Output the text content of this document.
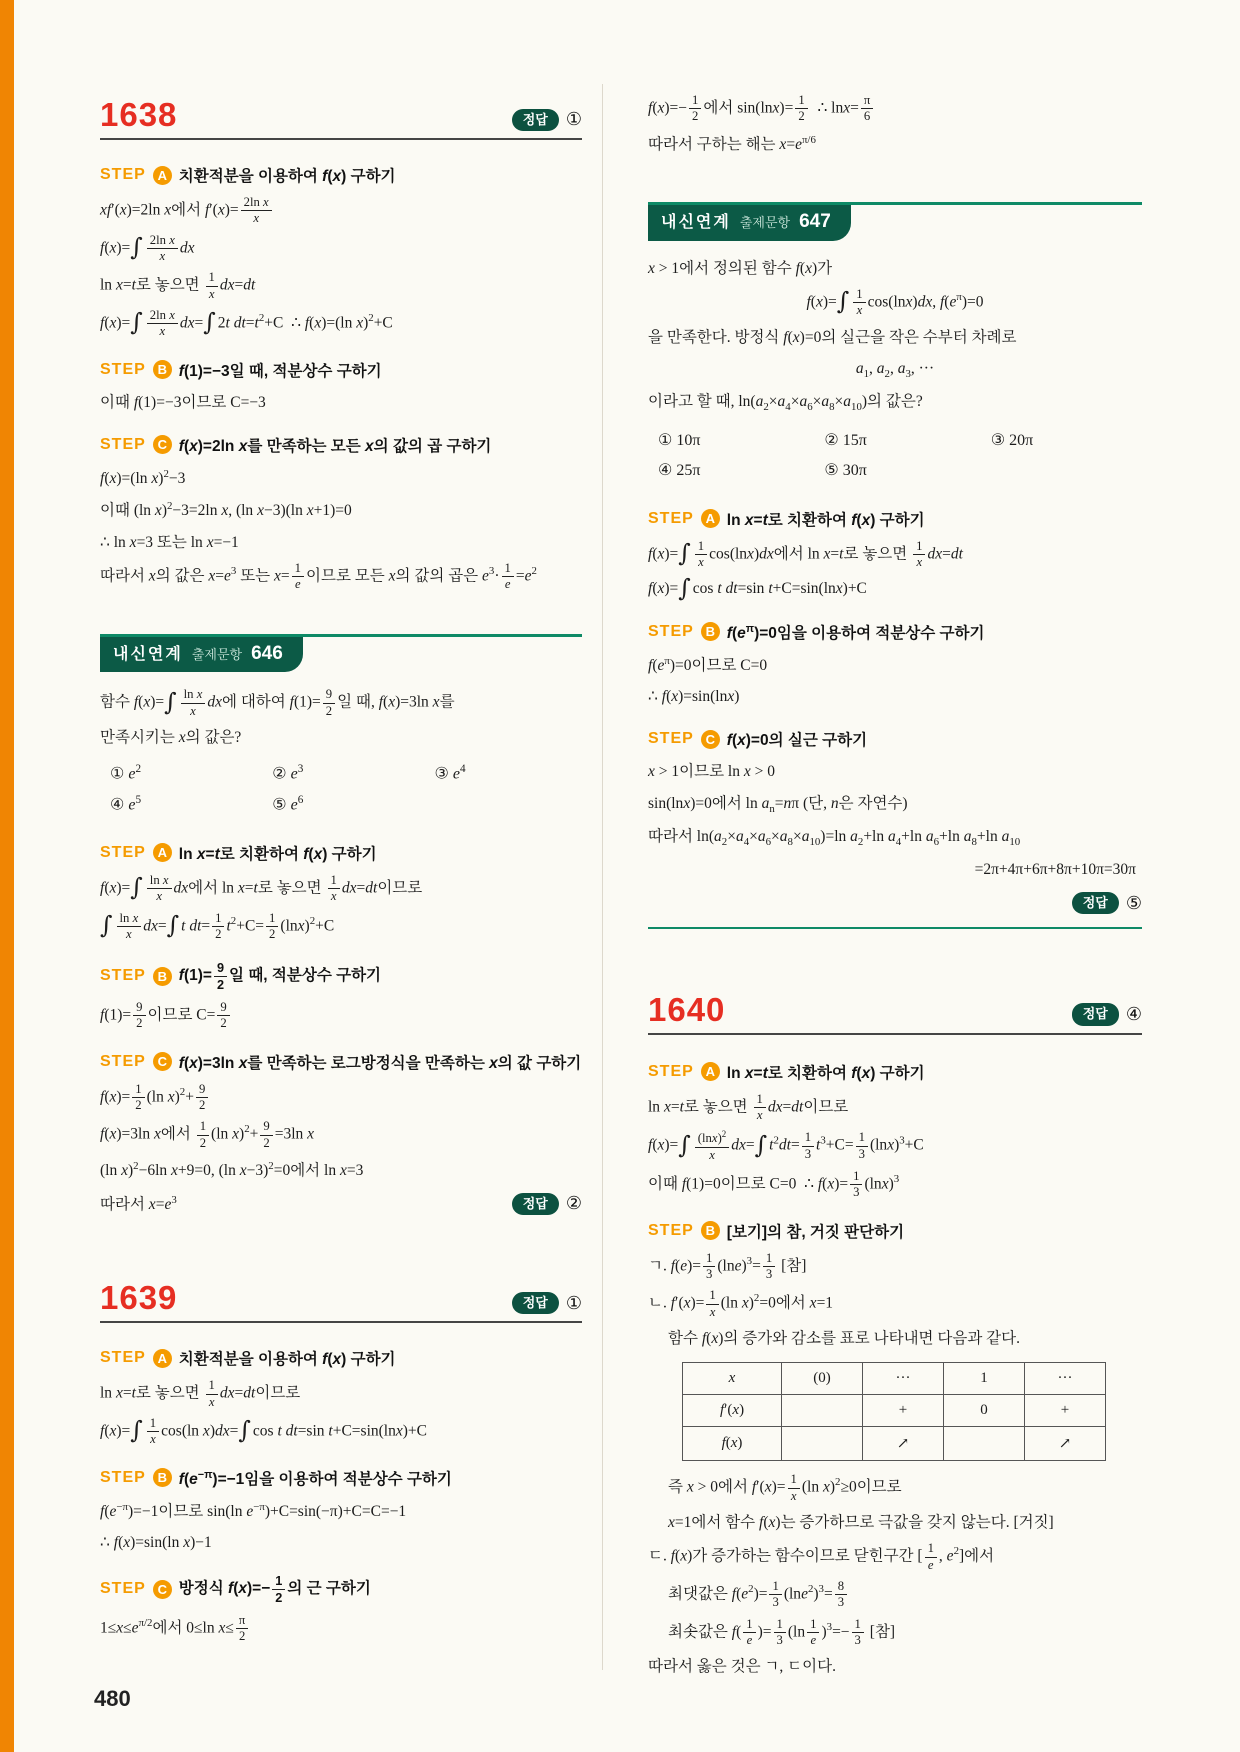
1638	정답	①
STEP A 치환적분을 이용하여 f(x) 구하기
xf′(x)=2ln x에서 $f'(x)= \frac{\text{2ln x}}{x}$
$f(x)=\int \frac{\text{2ln x}}{x}$ dx
ln x=t로 놓으면 $\frac{1}{x} dx=dt$
$f(x)=\int \frac{\text{2ln x}}{x} dx=\int$ 2t $dt=t^2+C$  ∴ f(x)=(ln x)$^2$+C
STEP B f(1)=−3일 때, 적분상수 구하기
이때 f(1)=−3이므로 C=−3
STEP C f(x)=2ln x를 만족하는 모든 x의 값의 곱 구하기
f(x)=(ln x)$^2$−3
이때 (ln x)$^2$−3=2ln x, (ln x−3)(ln x+1)=0
∴ ln x=3 또는 ln x=−1
따라서 x의 값은 $x=e^3$ 또는 $x= \frac{1}{e}$ 이므로 모든 x의 값의 곱은 $e^3\cdot \frac{1}{e} =e^2$
내신연계 출제문항 646
함수 $f(x)=\int \frac{\text{ln x}}{x}$ dx에 대하여 $f(1)= \frac{9}{2}$ 일 때, f(x)=3ln x를
만족시키는 x의 값은?
① $e^2$	② $e^3$	③ $e^4$
④ $e^5$	⑤ $e^6$
STEP A ln x=t로 치환하여 f(x) 구하기
$f(x)=\int \frac{\text{ln x}}{x}$ dx에서 ln x=t로 놓으면 $\frac{1}{x} dx=dt$이므로
∫ $\frac{\text{ln x}}{x} dx=\int$ t $dt= \frac{1}{2} t^2+C= \frac{1}{2} (\ln x)^2+C$
STEP B $f(1)= \frac{9}{2}$ 일 때, 적분상수 구하기
$f(1)= \frac{9}{2}$ 이므로 $C= \frac{9}{2}$
STEP C f(x)=3ln x를 만족하는 로그방정식을 만족하는 x의 값 구하기
$f(x)= \frac{1}{2} (\ln$ $x)^2+ \frac{9}{2}$
f(x)=3ln x에서 $\frac{1}{2} (\ln$ $x)^2+ \frac{9}{2} =3\ln$ x
(ln x)$^2$−6ln x+9=0, (ln x−3)$^2$=0에서 ln x=3
따라서 $x=e^3$	정답	②
1639	정답	①
STEP A 치환적분을 이용하여 f(x) 구하기
ln x=t로 놓으면 $\frac{1}{x} dx=dt$이므로
$f(x)=\int \frac{1}{x} \cos(\ln$ x)dx=∫ cos t dt=sin t+C=sin(lnx)+C
STEP B $f(e^{-\pi})=-1$임을 이용하여 적분상수 구하기
$f(e^{-\pi})=-1$이므로 sin(ln $e^{-\pi})+C=\sin(-\pi)+C=C=-1$
∴ f(x)=sin(ln x)−1
STEP C 방정식 $f(x)=- \frac{1}{2}$ 의 근 구하기
$1\le x\le e^{\pi/2}$에서 0≤ln $x\le \frac{\pi}{2}$
$f(x)=- \frac{1}{2}$ 에서 $\sin(\ln x)= \frac{1}{2}$ ∴ $\ln x= \frac{\pi}{6}$
따라서 구하는 해는 $x=e^{\pi/6}$
내신연계 출제문항 647
x > 1에서 정의된 함수 f(x)가
$f(x)=\int \frac{1}{x} \cos(\ln x)dx$, $f(e^\pi)=0$
을 만족한다. 방정식 f(x)=0의 실근을 작은 수부터 차례로
$a_1$, $a_2$, $a_3$, ···
이라고 할 때, $\ln(a_2\times a_4\times a_6\times a_8\times a_{10})$의 값은?
① 10π	② 15π	③ 20π
④ 25π	⑤ 30π
STEP A ln x=t로 치환하여 f(x) 구하기
$f(x)=\int \frac{1}{x} \cos(\ln x)dx$에서 ln x=t로 놓으면 $\frac{1}{x} dx=dt$
f(x)=∫ cos t dt=sin t+C=sin(lnx)+C
STEP B $f(e^\pi)=0$임을 이용하여 적분상수 구하기
$f(e^\pi)=0$이므로 C=0
∴ f(x)=sin(lnx)
STEP C f(x)=0의 실근 구하기
x > 1이므로 ln x > 0
sin(lnx)=0에서 $\ln a_n=n\pi$ (단, n은 자연수)
따라서 $\ln(a_2\times a_4\times a_6\times a_8\times a_{10})=\ln$ $a_2+\ln$ $a_4+\ln$ $a_6+\ln$ $a_8+\ln$ $a_{10}$
=2π+4π+6π+8π+10π=30π
정답	⑤
1640	정답	④
STEP A ln x=t로 치환하여 f(x) 구하기
ln x=t로 놓으면 $\frac{1}{x} dx=dt$이므로
$f(x)=\int \frac{(\ln x)^2}{x} dx=\int$ $t^2dt= \frac{1}{3} t^3+C= \frac{1}{3} (\ln x)^3+C$
이때 f(1)=0이므로 C=0  ∴ $f(x)= \frac{1}{3} (\ln x)^3$
STEP B [보기]의 참, 거짓 판단하기
ㄱ. $f(e)= \frac{1}{3} (\ln e)^3= \frac{1}{3}$ [참]
ㄴ. $f'(x)= \frac{1}{x} (\ln$ x)$^2$=0에서 x=1
함수 f(x)의 증가와 감소를 표로 나타내면 다음과 같다.
x	(0)	···	1	···
f′(x)		+	0	+
f(x)		↗		↗
즉 x > 0에서 $f'(x)= \frac{1}{x} (\ln$ x)$^2$≥0이므로
x=1에서 함수 f(x)는 증가하므로 극값을 갖지 않는다. [거짓]
ㄷ. f(x)가 증가하는 함수이므로 닫힌구간 [ $\frac{1}{e}$ , $e^2$]에서
최댓값은 $f(e^2)= \frac{1}{3} (\ln e^2)^3= \frac{8}{3}$
최솟값은 $f( \frac{1}{e}$ )= $\frac{1}{3} (\ln \frac{1}{e} )^3=- \frac{1}{3}$ [참]
따라서 옳은 것은 ㄱ, ㄷ이다.
480
